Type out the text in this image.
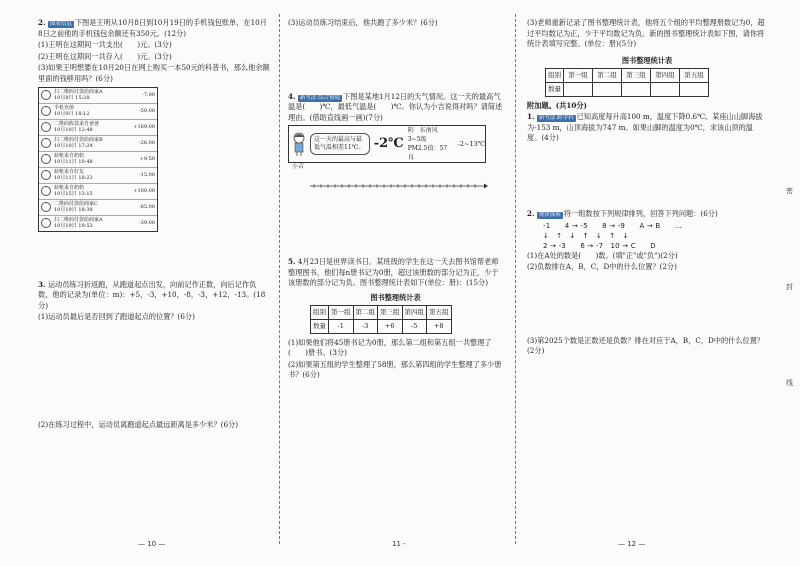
2. 图表信息 下图是王明从10月8日到10月19日的手机钱包账单，在10月8日之前他的手机钱包余额还有350元。(12分)

(1)王明在这期间一共支出(　　)元。(3分)

(2)王明在这期间一共存入(　　)元。(3分)

(3)如果王明想要在10月20日在网上购买一本50元的科普书，那么他余额里面的钱够用吗？(6分)

扫二维码付款给商家A
10月8日 15:28	-7.00
手机充值
10月9日 18:12	-50.00
二维码收款来自爸爸
10月10日 12:48	+169.00
扫二维码付款给商家B
10月10日 17:24	-26.00
转账来自奶奶
10月11日 10:48	+9.50
转账来自好友
10月11日 18:23	-15.00
转账来自奶奶
10月15日 13:15	+100.00
二维码付款给商家C
10月19日 18:38	-85.00
扫二维码付款给商家A
10月19日 19:53	-39.00

3. 运动员练习折返跑，从跑道起点出发，向前记作正数，向后记作负数，他的记录为(单位：m)：+5，-3，+10，-8，-3，+12，-13。(18分)

(1)运动员最后是否回到了跑道起点的位置？(6分)

(2)在练习过程中，运动员离跑道起点最远距离是多少米？(6分)

— 10 —

(3)运动员练习结束后，他共跑了多少米？(6分)

4. 新考法 综合情境 下图是某地1月12日的天气情况。这一天的最高气温是(　　)℃，最低气温是(　　)℃。你认为小吉说得对吗？请简述理由。(借助直线画一画)(7分)

这一天的最高与最低气温相差11℃。 -2℃
阴　东南风3~5级
PM2.5值：57 良
-2~13℃
小吉

5. 4月23日是世界读书日。某班级的学生在这一天去图书馆帮老师整理图书，他们每n册书记为0册，超过该册数的部分记为正，少于该册数的部分记为负。图书整理统计表如下(单位：册)：(15分)

图书整理统计表
组别	第一组	第二组	第三组	第四组	第五组
数量	-1	-3	+6	-5	+8

(1)如果他们将45册书记为0册，那么第二组和第五组一共整理了(　　)册书。(3分)

(2)如果第五组的学生整理了58册，那么第四组的学生整理了多少册书？(6分)

11 -

(3)老师重新记录了图书整理统计表，他将五个组的平均整理册数记为0，超过平均数记为正，少于平均数记为负。新的图书整理统计表如下图，请你将统计表填写完整。(单位：册)(5分)

图书整理统计表
组别	第一组	第二组	第三组	第四组	第五组
数量					

附加题。(共10分)

1. 新考法 跨学科 已知高度每升高100 m，温度下降0.6℃。某座山山脚海拔为-153 m，山顶海拔为747 m。如果山脚的温度为0℃，求该山顶的温度。(4分)

2. 规律探索 将一组数按下列规律排列，回答下列问题：(6分)

-1　　4 → -5　　8 → -9　　A → B　　…
↓　↑　↓　↑　↓　↑　↓
2 → -3　　6 → -7　10 → C　　D

(1)在A处的数是(　　)数。(填"正"或"负")(2分)

(2)负数排在A，B，C，D中的什么位置？(2分)

(3)第2025个数是正数还是负数？排在对应于A，B，C，D中的什么位置？(2分)

— 12 —
密
封
线
